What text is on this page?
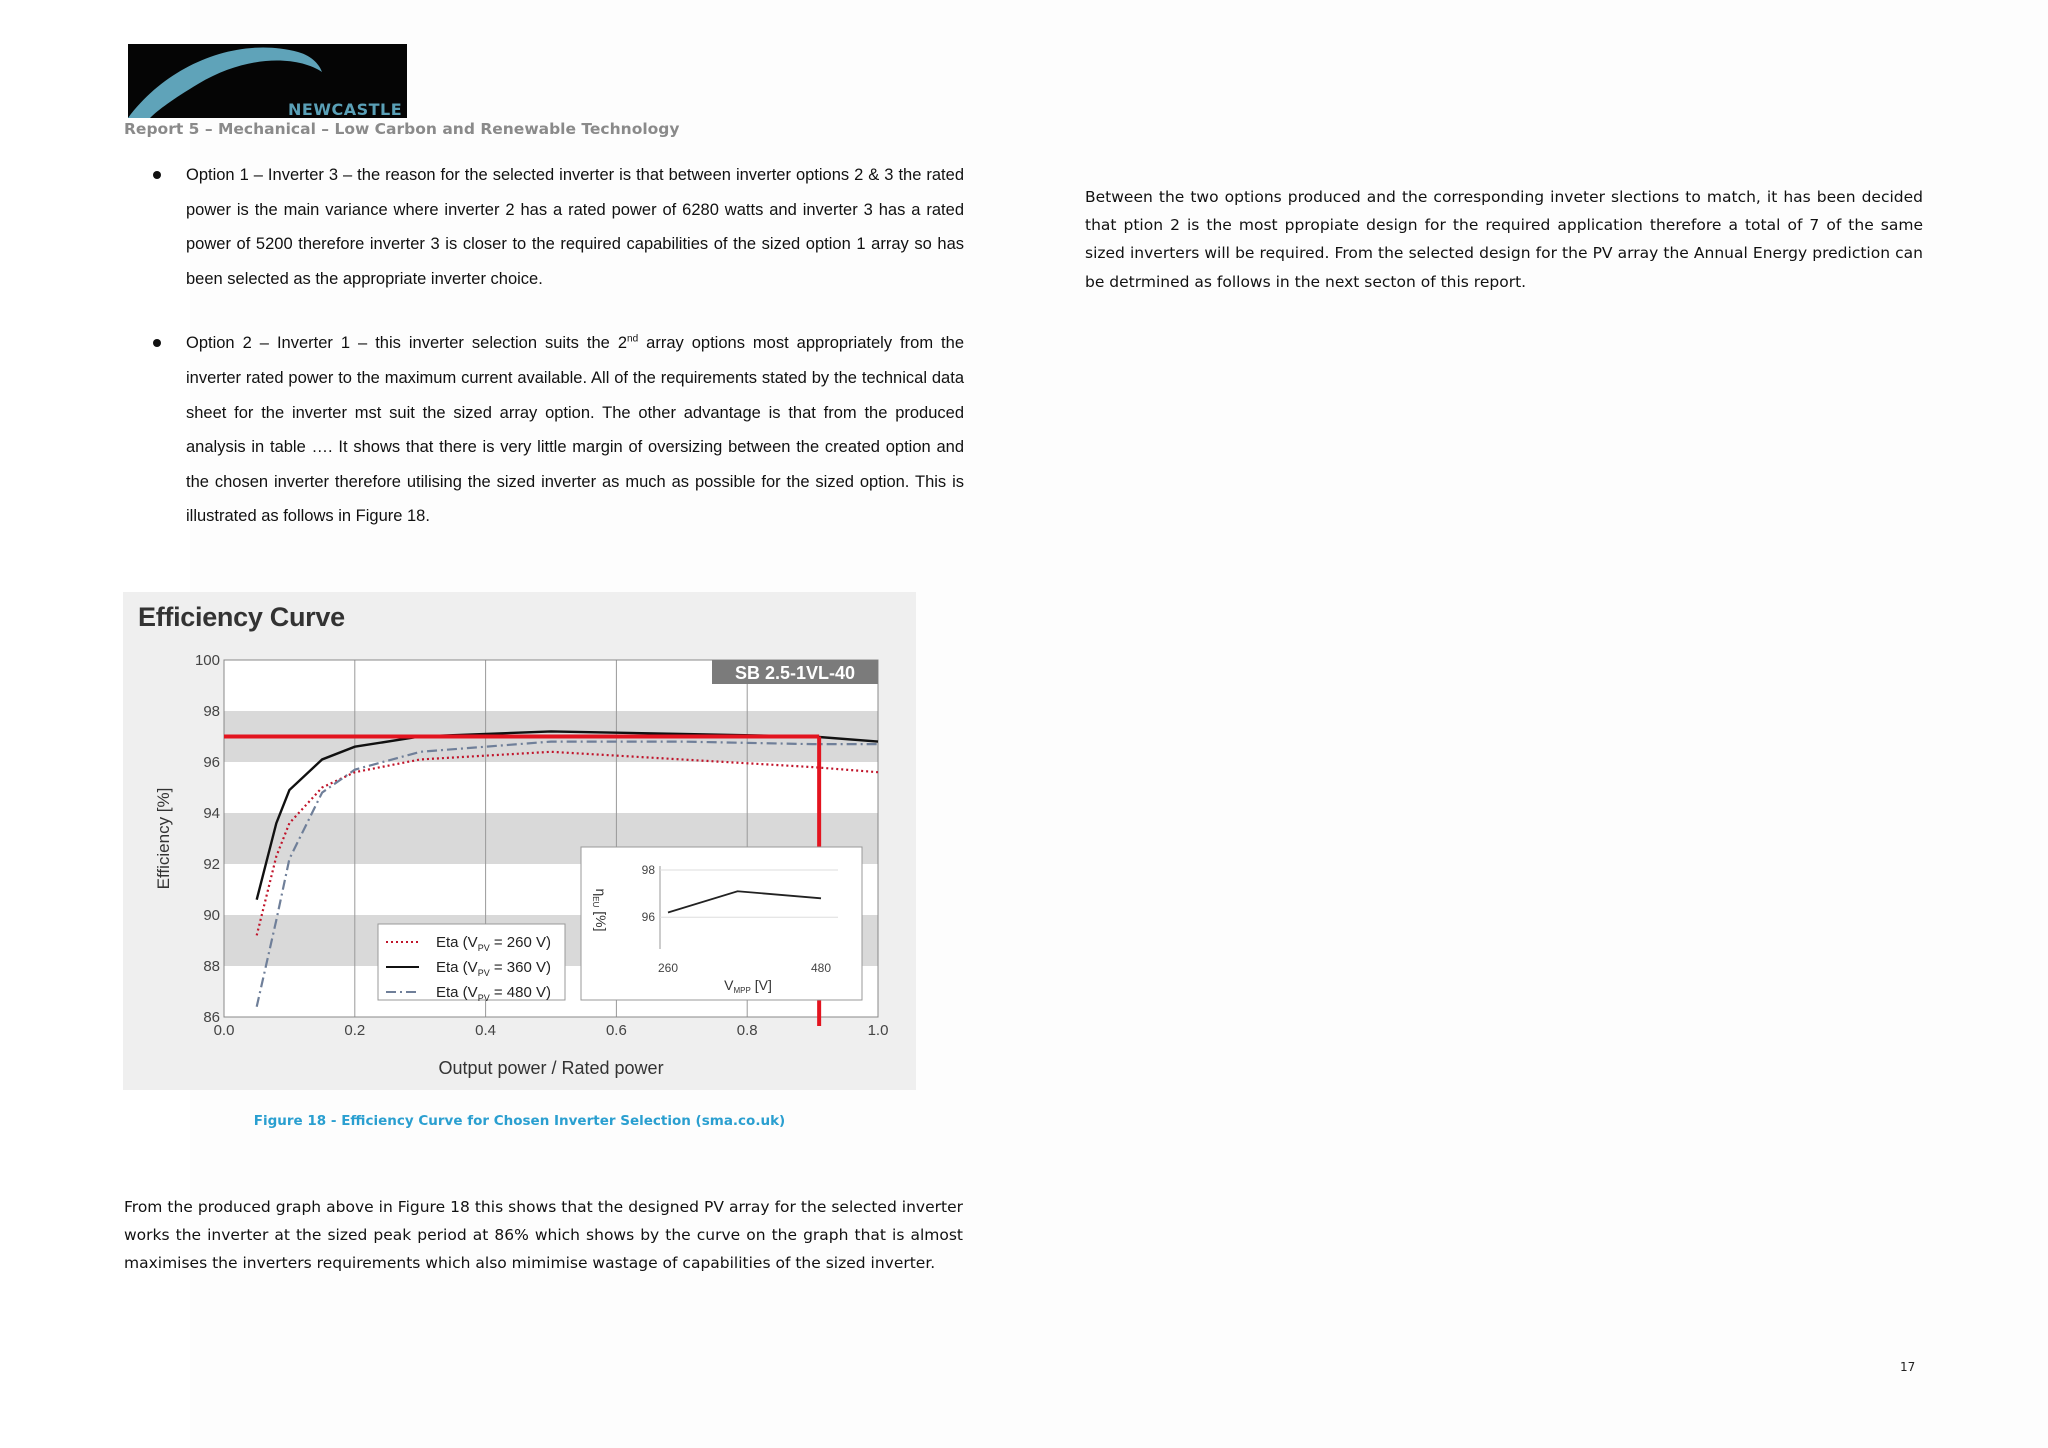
NEWCASTLE
Report 5 – Mechanical – Low Carbon and Renewable Technology
Option 1 – Inverter 3 – the reason for the selected inverter is that between inverter options 2 & 3 the rated power is the main variance where inverter 2 has a rated power of 6280 watts and inverter 3 has a rated power of 5200 therefore inverter 3 is closer to the required capabilities of the sized option 1 array so has been selected as the appropriate inverter choice.
Option 2 – Inverter 1 – this inverter selection suits the 2nd array options most appropriately from the inverter rated power to the maximum current available. All of the requirements stated by the technical data sheet for the inverter mst suit the sized array option. The other advantage is that from the produced analysis in table …. It shows that there is very little margin of oversizing between the created option and the chosen inverter therefore utilising the sized inverter as much as possible for the sized option. This is illustrated as follows in Figure 18.

Between the two options produced and the corresponding inveter slections to match, it has been decided that ption 2 is the most ppropiate design for the required application therefore a total of 7 of the same sized inverters will be required. From the selected design for the PV array the Annual Energy prediction can be detrmined as follows in the next secton of this report.

Efficiency Curve
86
88
90
92
94
96
98
100
0.0	0.2	0.4	0.6	0.8	1.0
Output power / Rated power
Efficiency [%]
SB 2.5-1VL-40
Eta ($V_{PV} = 260$ V)
Eta ($V_{PV} = 360$ V)
Eta ($V_{PV} = 480$ V)
96
98
260	480
$V_{MPP}$ [V]
$\eta_{EU}$ [%]
Figure 18 - Efficiency Curve for Chosen Inverter Selection (sma.co.uk)

From the produced graph above in Figure 18 this shows that the designed PV array for the selected inverter works the inverter at the sized peak period at 86% which shows by the curve on the graph that is almost maximises the inverters requirements which also mimimise wastage of capabilities of the sized inverter.

17
